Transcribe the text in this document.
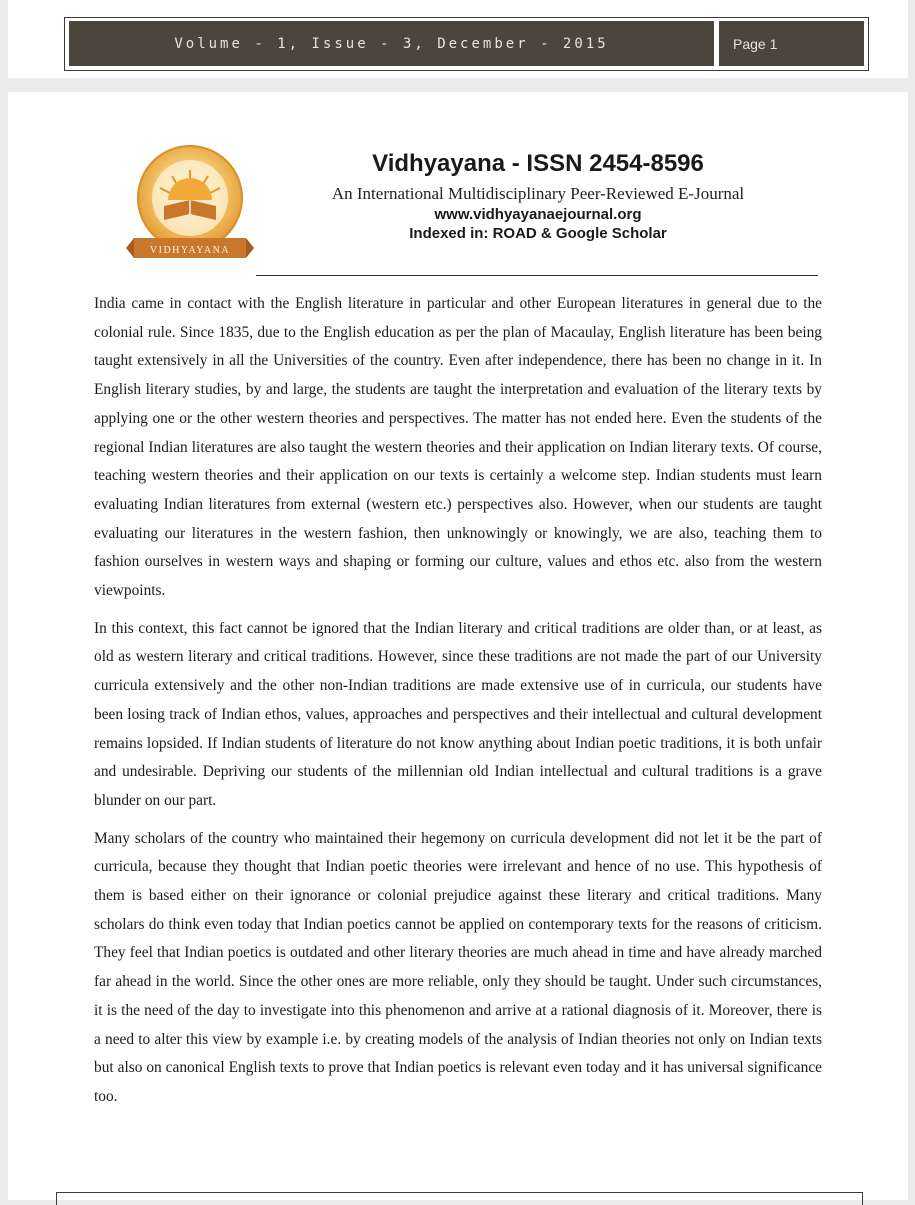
Volume - 1, Issue - 3, December - 2015	Page 1
VIDHYAYANA
Vidhyayana - ISSN 2454-8596
An International Multidisciplinary Peer-Reviewed E-Journal
www.vidhyayanaejournal.org
Indexed in: ROAD & Google Scholar

India came in contact with the English literature in particular and other European literatures in general due to the colonial rule. Since 1835, due to the English education as per the plan of Macaulay, English literature has been being taught extensively in all the Universities of the country. Even after independence, there has been no change in it. In English literary studies, by and large, the students are taught the interpretation and evaluation of the literary texts by applying one or the other western theories and perspectives. The matter has not ended here. Even the students of the regional Indian literatures are also taught the western theories and their application on Indian literary texts. Of course, teaching western theories and their application on our texts is certainly a welcome step. Indian students must learn evaluating Indian literatures from external (western etc.) perspectives also. However, when our students are taught evaluating our literatures in the western fashion, then unknowingly or knowingly, we are also, teaching them to fashion ourselves in western ways and shaping or forming our culture, values and ethos etc. also from the western viewpoints.

In this context, this fact cannot be ignored that the Indian literary and critical traditions are older than, or at least, as old as western literary and critical traditions. However, since these traditions are not made the part of our University curricula extensively and the other non-Indian traditions are made extensive use of in curricula, our students have been losing track of Indian ethos, values, approaches and perspectives and their intellectual and cultural development remains lopsided. If Indian students of literature do not know anything about Indian poetic traditions, it is both unfair and undesirable. Depriving our students of the millennian old Indian intellectual and cultural traditions is a grave blunder on our part.

Many scholars of the country who maintained their hegemony on curricula development did not let it be the part of curricula, because they thought that Indian poetic theories were irrelevant and hence of no use. This hypothesis of them is based either on their ignorance or colonial prejudice against these literary and critical traditions. Many scholars do think even today that Indian poetics cannot be applied on contemporary texts for the reasons of criticism. They feel that Indian poetics is outdated and other literary theories are much ahead in time and have already marched far ahead in the world. Since the other ones are more reliable, only they should be taught. Under such circumstances, it is the need of the day to investigate into this phenomenon and arrive at a rational diagnosis of it. Moreover, there is a need to alter this view by example i.e. by creating models of the analysis of Indian theories not only on Indian texts but also on canonical English texts to prove that Indian poetics is relevant even today and it has universal significance too.
